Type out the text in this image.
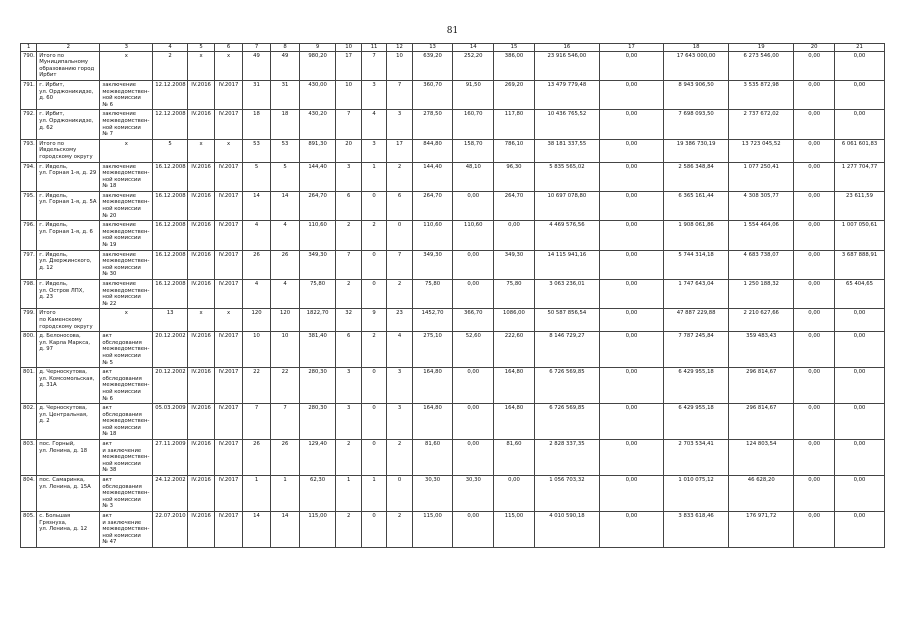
81
1	2	3	4	5	6	7	8	9	10	11	12	13	14	15	16	17	18	19	20	21
790.	Итого по
Муниципальному
образованию город
Ирбит	x	2	x	x	49	49	980,20	17	7	10	639,20	252,20	386,00	23 916 546,00	0,00	17 643 000,00	6 273 546,00	0,00	0,00
791.	г. Ирбит,
ул. Орджоникидзе,
д. 60	заключение
межведомствен-
ной комиссии
№ 6	12.12.2008	IV.2016	IV.2017	31	31	430,00	10	3	7	360,70	91,50	269,20	13 479 779,48	0,00	8 943 906,50	3 535 872,98	0,00	0,00
792.	г. Ирбит,
ул. Орджоникидзе,
д. 62	заключение
межведомствен-
ной комиссии
№ 7	12.12.2008	IV.2016	IV.2017	18	18	430,20	7	4	3	278,50	160,70	117,80	10 436 765,52	0,00	7 698 093,50	2 737 672,02	0,00	0,00
793.	Итого по
Ивдельскому
городскому округу	x	5	x	x	53	53	891,30	20	3	17	844,80	158,70	786,10	38 181 337,55	0,00	19 386 730,19	13 723 045,52	0,00	6 061 601,83
794.	г. Ивдель,
ул. Горная 1-я, д. 29	заключение
межведомствен-
ной комиссии
№ 18	16.12.2008	IV.2016	IV.2017	5	5	144,40	3	1	2	144,40	48,10	96,30	5 835 565,02	0,00	2 586 348,84	1 077 250,41	0,00	1 277 704,77
795.	г. Ивдель,
ул. Горная 1-я, д. 5А	заключение
межведомствен-
ной комиссии
№ 20	16.12.2008	IV.2016	IV.2017	14	14	264,70	6	0	6	264,70	0,00	264,70	10 697 078,80	0,00	6 365 161,44	4 308 305,77	0,00	23 611,59
796.	г. Ивдель,
ул. Горная 1-я, д. 6	заключение
межведомствен-
ной комиссии
№ 19	16.12.2008	IV.2016	IV.2017	4	4	110,60	2	2	0	110,60	110,60	0,00	4 469 576,56	0,00	1 908 061,86	1 554 464,06	0,00	1 007 050,61
797.	г. Ивдель,
ул. Дзержинского,
д. 12	заключение
межведомствен-
ной комиссии
№ 30	16.12.2008	IV.2016	IV.2017	26	26	349,30	7	0	7	349,30	0,00	349,30	14 115 941,16	0,00	5 744 314,18	4 683 738,07	0,00	3 687 888,91
798.	г. Ивдель,
ул. Остров ЛПХ,
д. 23	заключение
межведомствен-
ной комиссии
№ 22	16.12.2008	IV.2016	IV.2017	4	4	75,80	2	0	2	75,80	0,00	75,80	3 063 236,01	0,00	1 747 643,04	1 250 188,32	0,00	65 404,65
799.	Итого
по Каменскому
городскому округу	x	13	x	x	120	120	1822,70	32	9	23	1452,70	366,70	1086,00	50 587 856,54	0,00	47 887 229,88	2 210 627,66	0,00	0,00
800.	д. Белоносова,
ул. Карла Маркса,
д. 97	акт
обследования
межведомствен-
ной комиссии
№ 5	20.12.2002	IV.2016	IV.2017	10	10	381,40	6	2	4	275,10	52,60	222,60	8 146 729,27	0,00	7 787 245,84	359 483,43	0,00	0,00
801.	д. Черноскутова,
ул. Комсомольская,
д. 31А	акт
обследования
межведомствен-
ной комиссии
№ 6	20.12.2002	IV.2016	IV.2017	22	22	280,30	3	0	3	164,80	0,00	164,80	6 726 569,85	0,00	6 429 955,18	296 814,67	0,00	0,00
802.	д. Черноскутова,
ул. Центральная,
д. 2	акт
обследования
межведомствен-
ной комиссии
№ 18	05.03.2009	IV.2016	IV.2017	7	7	280,30	3	0	3	164,80	0,00	164,80	6 726 569,85	0,00	6 429 955,18	296 814,67	0,00	0,00
803.	пос. Горный,
ул. Ленина, д. 18	акт
и заключение
межведомствен-
ной комиссии
№ 38	27.11.2009	IV.2016	IV.2017	26	26	129,40	2	0	2	81,60	0,00	81,60	2 828 337,35	0,00	2 703 534,41	124 803,54	0,00	0,00
804.	пос. Самаринка,
ул. Ленина, д. 15А	акт
обследования
межведомствен-
ной комиссии
№ 3	24.12.2002	IV.2016	IV.2017	1	1	62,30	1	1	0	30,30	30,30	0,00	1 056 703,32	0,00	1 010 075,12	46 628,20	0,00	0,00
805.	с. Большая
Грязнуха,
ул. Ленина, д. 12	акт
и заключение
межведомствен-
ной комиссии
№ 47	22.07.2010	IV.2016	IV.2017	14	14	115,00	2	0	2	115,00	0,00	115,00	4 010 590,18	0,00	3 833 618,46	176 971,72	0,00	0,00
